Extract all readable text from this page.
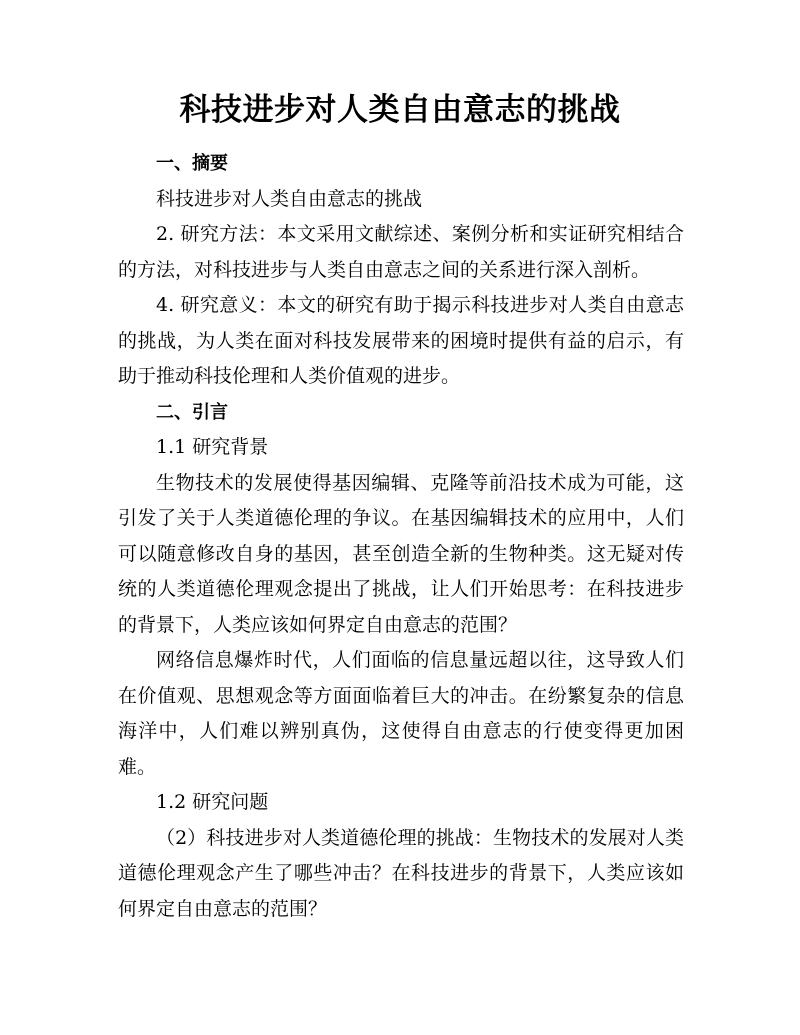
科技进步对人类自由意志的挑战

一、摘要

科技进步对人类自由意志的挑战

2. 研究方法：本文采用文献综述、案例分析和实证研究相结合的方法，对科技进步与人类自由意志之间的关系进行深入剖析。

4. 研究意义：本文的研究有助于揭示科技进步对人类自由意志的挑战，为人类在面对科技发展带来的困境时提供有益的启示，有助于推动科技伦理和人类价值观的进步。

二、引言

1.1 研究背景

生物技术的发展使得基因编辑、克隆等前沿技术成为可能，这引发了关于人类道德伦理的争议。在基因编辑技术的应用中，人们可以随意修改自身的基因，甚至创造全新的生物种类。这无疑对传统的人类道德伦理观念提出了挑战，让人们开始思考：在科技进步的背景下，人类应该如何界定自由意志的范围？

网络信息爆炸时代，人们面临的信息量远超以往，这导致人们在价值观、思想观念等方面面临着巨大的冲击。在纷繁复杂的信息海洋中，人们难以辨别真伪，这使得自由意志的行使变得更加困难。

1.2 研究问题

（2）科技进步对人类道德伦理的挑战：生物技术的发展对人类道德伦理观念产生了哪些冲击？在科技进步的背景下，人类应该如何界定自由意志的范围？
